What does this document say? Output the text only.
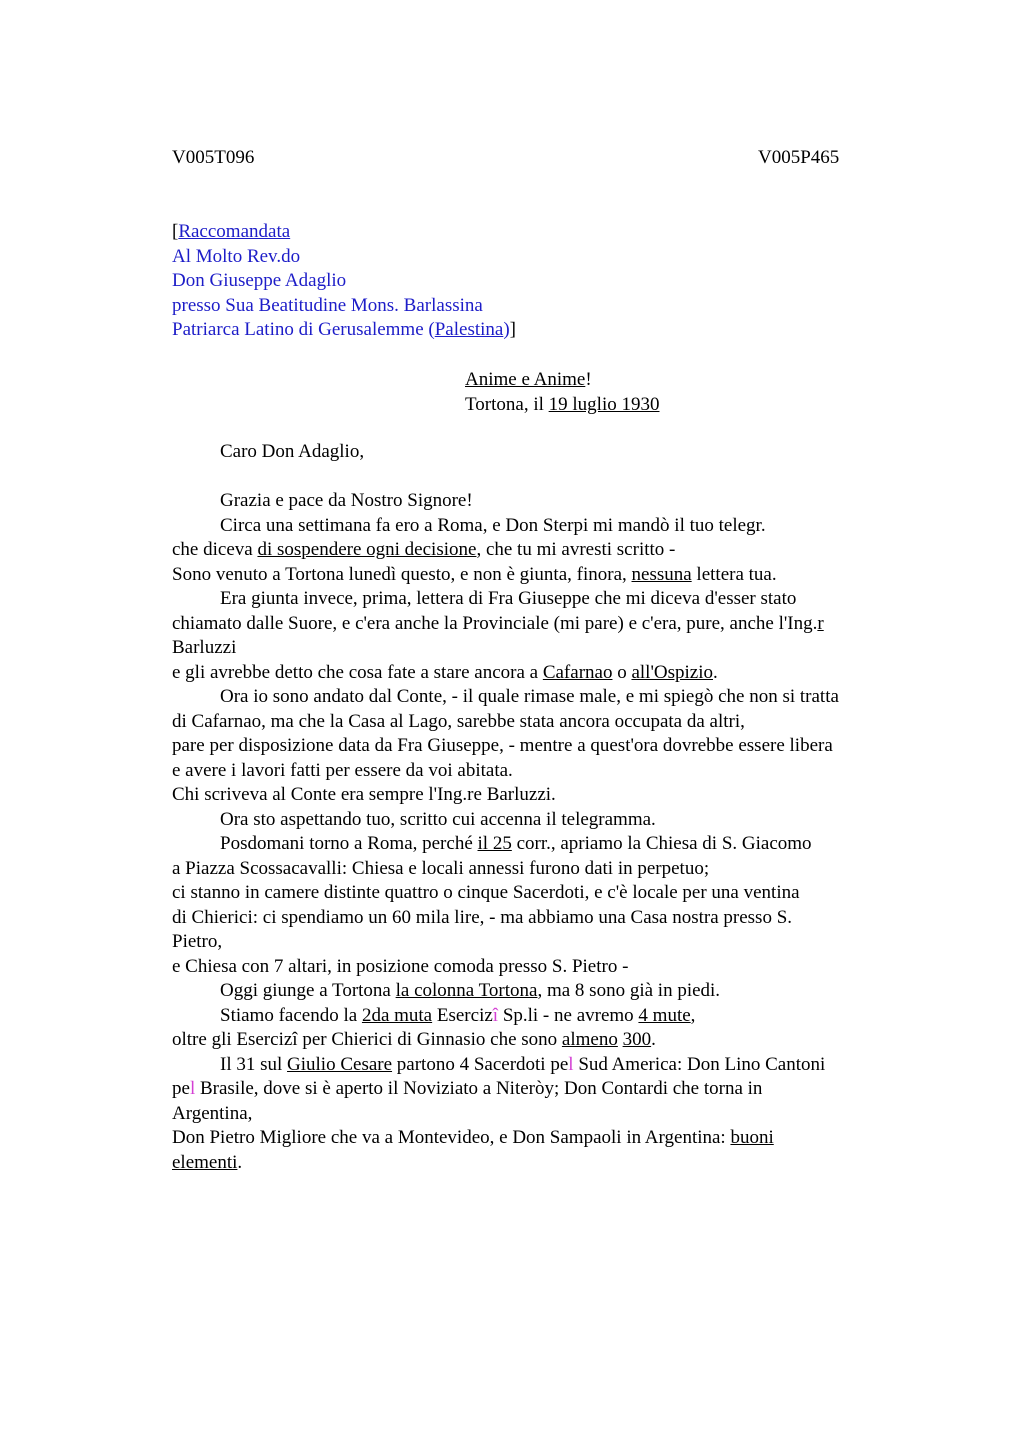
V005T096	V005P465
[Raccomandata
Al Molto Rev.do
Don Giuseppe Adaglio
presso Sua Beatitudine Mons. Barlassina
Patriarca Latino di Gerusalemme (Palestina)]
Anime e Anime!
Tortona, il 19 luglio 1930
Caro Don Adaglio,
Grazia e pace da Nostro Signore!
Circa una settimana fa ero a Roma, e Don Sterpi mi mandò il tuo telegr.
che diceva di sospendere ogni decisione, che tu mi avresti scritto -
Sono venuto a Tortona lunedì questo, e non è giunta, finora, nessuna lettera tua.
Era giunta invece, prima, lettera di Fra Giuseppe che mi diceva d'esser stato
chiamato dalle Suore, e c'era anche la Provinciale (mi pare) e c'era, pure, anche l'Ing.r
Barluzzi
e gli avrebbe detto che cosa fate a stare ancora a Cafarnao o all'Ospizio.
Ora io sono andato dal Conte, - il quale rimase male, e mi spiegò che non si tratta
di Cafarnao, ma che la Casa al Lago, sarebbe stata ancora occupata da altri,
pare per disposizione data da Fra Giuseppe, - mentre a quest'ora dovrebbe essere libera
e avere i lavori fatti per essere da voi abitata.
Chi scriveva al Conte era sempre l'Ing.re Barluzzi.
Ora sto aspettando tuo, scritto cui accenna il telegramma.
Posdomani torno a Roma, perché il 25 corr., apriamo la Chiesa di S. Giacomo
a Piazza Scossacavalli: Chiesa e locali annessi furono dati in perpetuo;
ci stanno in camere distinte quattro o cinque Sacerdoti, e c'è locale per una ventina
di Chierici: ci spendiamo un 60 mila lire, - ma abbiamo una Casa nostra presso S.
Pietro,
e Chiesa con 7 altari, in posizione comoda presso S. Pietro -
Oggi giunge a Tortona la colonna Tortona, ma 8 sono già in piedi.
Stiamo facendo la 2da muta Esercizî Sp.li - ne avremo 4 mute,
oltre gli Esercizî per Chierici di Ginnasio che sono almeno 300.
Il 31 sul Giulio Cesare partono 4 Sacerdoti pel Sud America: Don Lino Cantoni
pel Brasile, dove si è aperto il Noviziato a Niteròy; Don Contardi che torna in
Argentina,
Don Pietro Migliore che va a Montevideo, e Don Sampaoli in Argentina: buoni
elementi.
